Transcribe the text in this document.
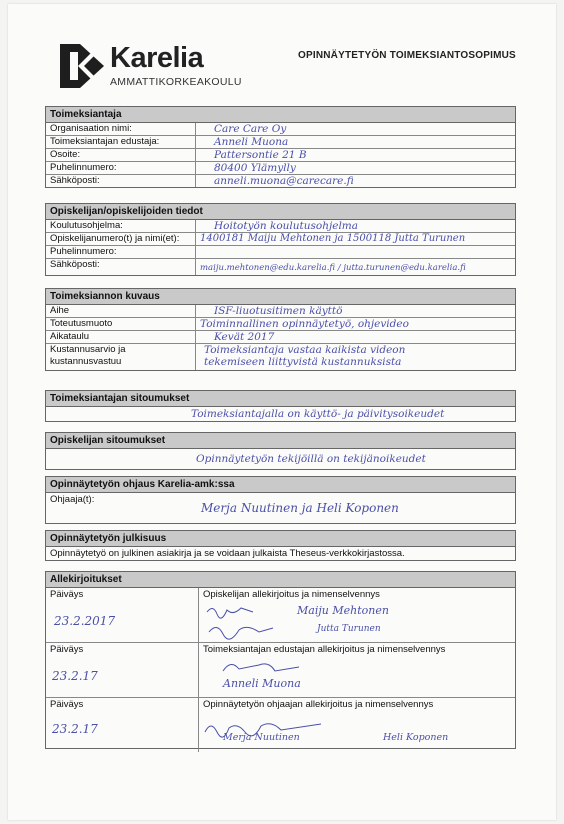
Karelia
AMMATTIKORKEAKOULU
OPINNÄYTETYÖN TOIMEKSIANTOSOPIMUS
Toimeksiantaja
Organisaation nimi:	Care Care Oy
Toimeksiantajan edustaja:	Anneli Muona
Osoite:	Pattersontie 21 B
Puhelinnumero:	80400 Ylämylly
Sähköposti:	anneli.muona@carecare.fi
Opiskelijan/opiskelijoiden tiedot
Koulutusohjelma:	Hoitotyön koulutusohjelma
Opiskelijanumero(t) ja nimi(et):	1400181 Maiju Mehtonen ja 1500118 Jutta Turunen
Puhelinnumero:
Sähköposti:	maiju.mehtonen@edu.karelia.fi / jutta.turunen@edu.karelia.fi
Toimeksiannon kuvaus
Aihe	ISF-liuotusitimen käyttö
Toteutusmuoto	Toiminnallinen opinnäytetyö, ohjevideo
Aikataulu	Kevät 2017
Kustannusarvio ja kustannusvastuu
Toimeksiantaja vastaa kaikista videon
tekemiseen liittyvistä kustannuksista
Toimeksiantajan sitoumukset
Toimeksiantajalla on käyttö- ja päivitysoikeudet
Opiskelijan sitoumukset
Opinnäytetyön tekijöillä on tekijänoikeudet
Opinnäytetyön ohjaus Karelia-amk:ssa
Ohjaaja(t):
Merja Nuutinen ja Heli Koponen
Opinnäytetyön julkisuus
Opinnäytetyö on julkinen asiakirja ja se voidaan julkaista Theseus-verkkokirjastossa.
Allekirjoitukset
Päiväys
23.2.2017
Opiskelijan allekirjoitus ja nimenselvennys
Maiju Mehtonen
Jutta Turunen
Päiväys
23.2.17
Toimeksiantajan edustajan allekirjoitus ja nimenselvennys
Anneli Muona
Päiväys
23.2.17
Opinnäytetyön ohjaajan allekirjoitus ja nimenselvennys
Merja Nuutinen	Heli Koponen
